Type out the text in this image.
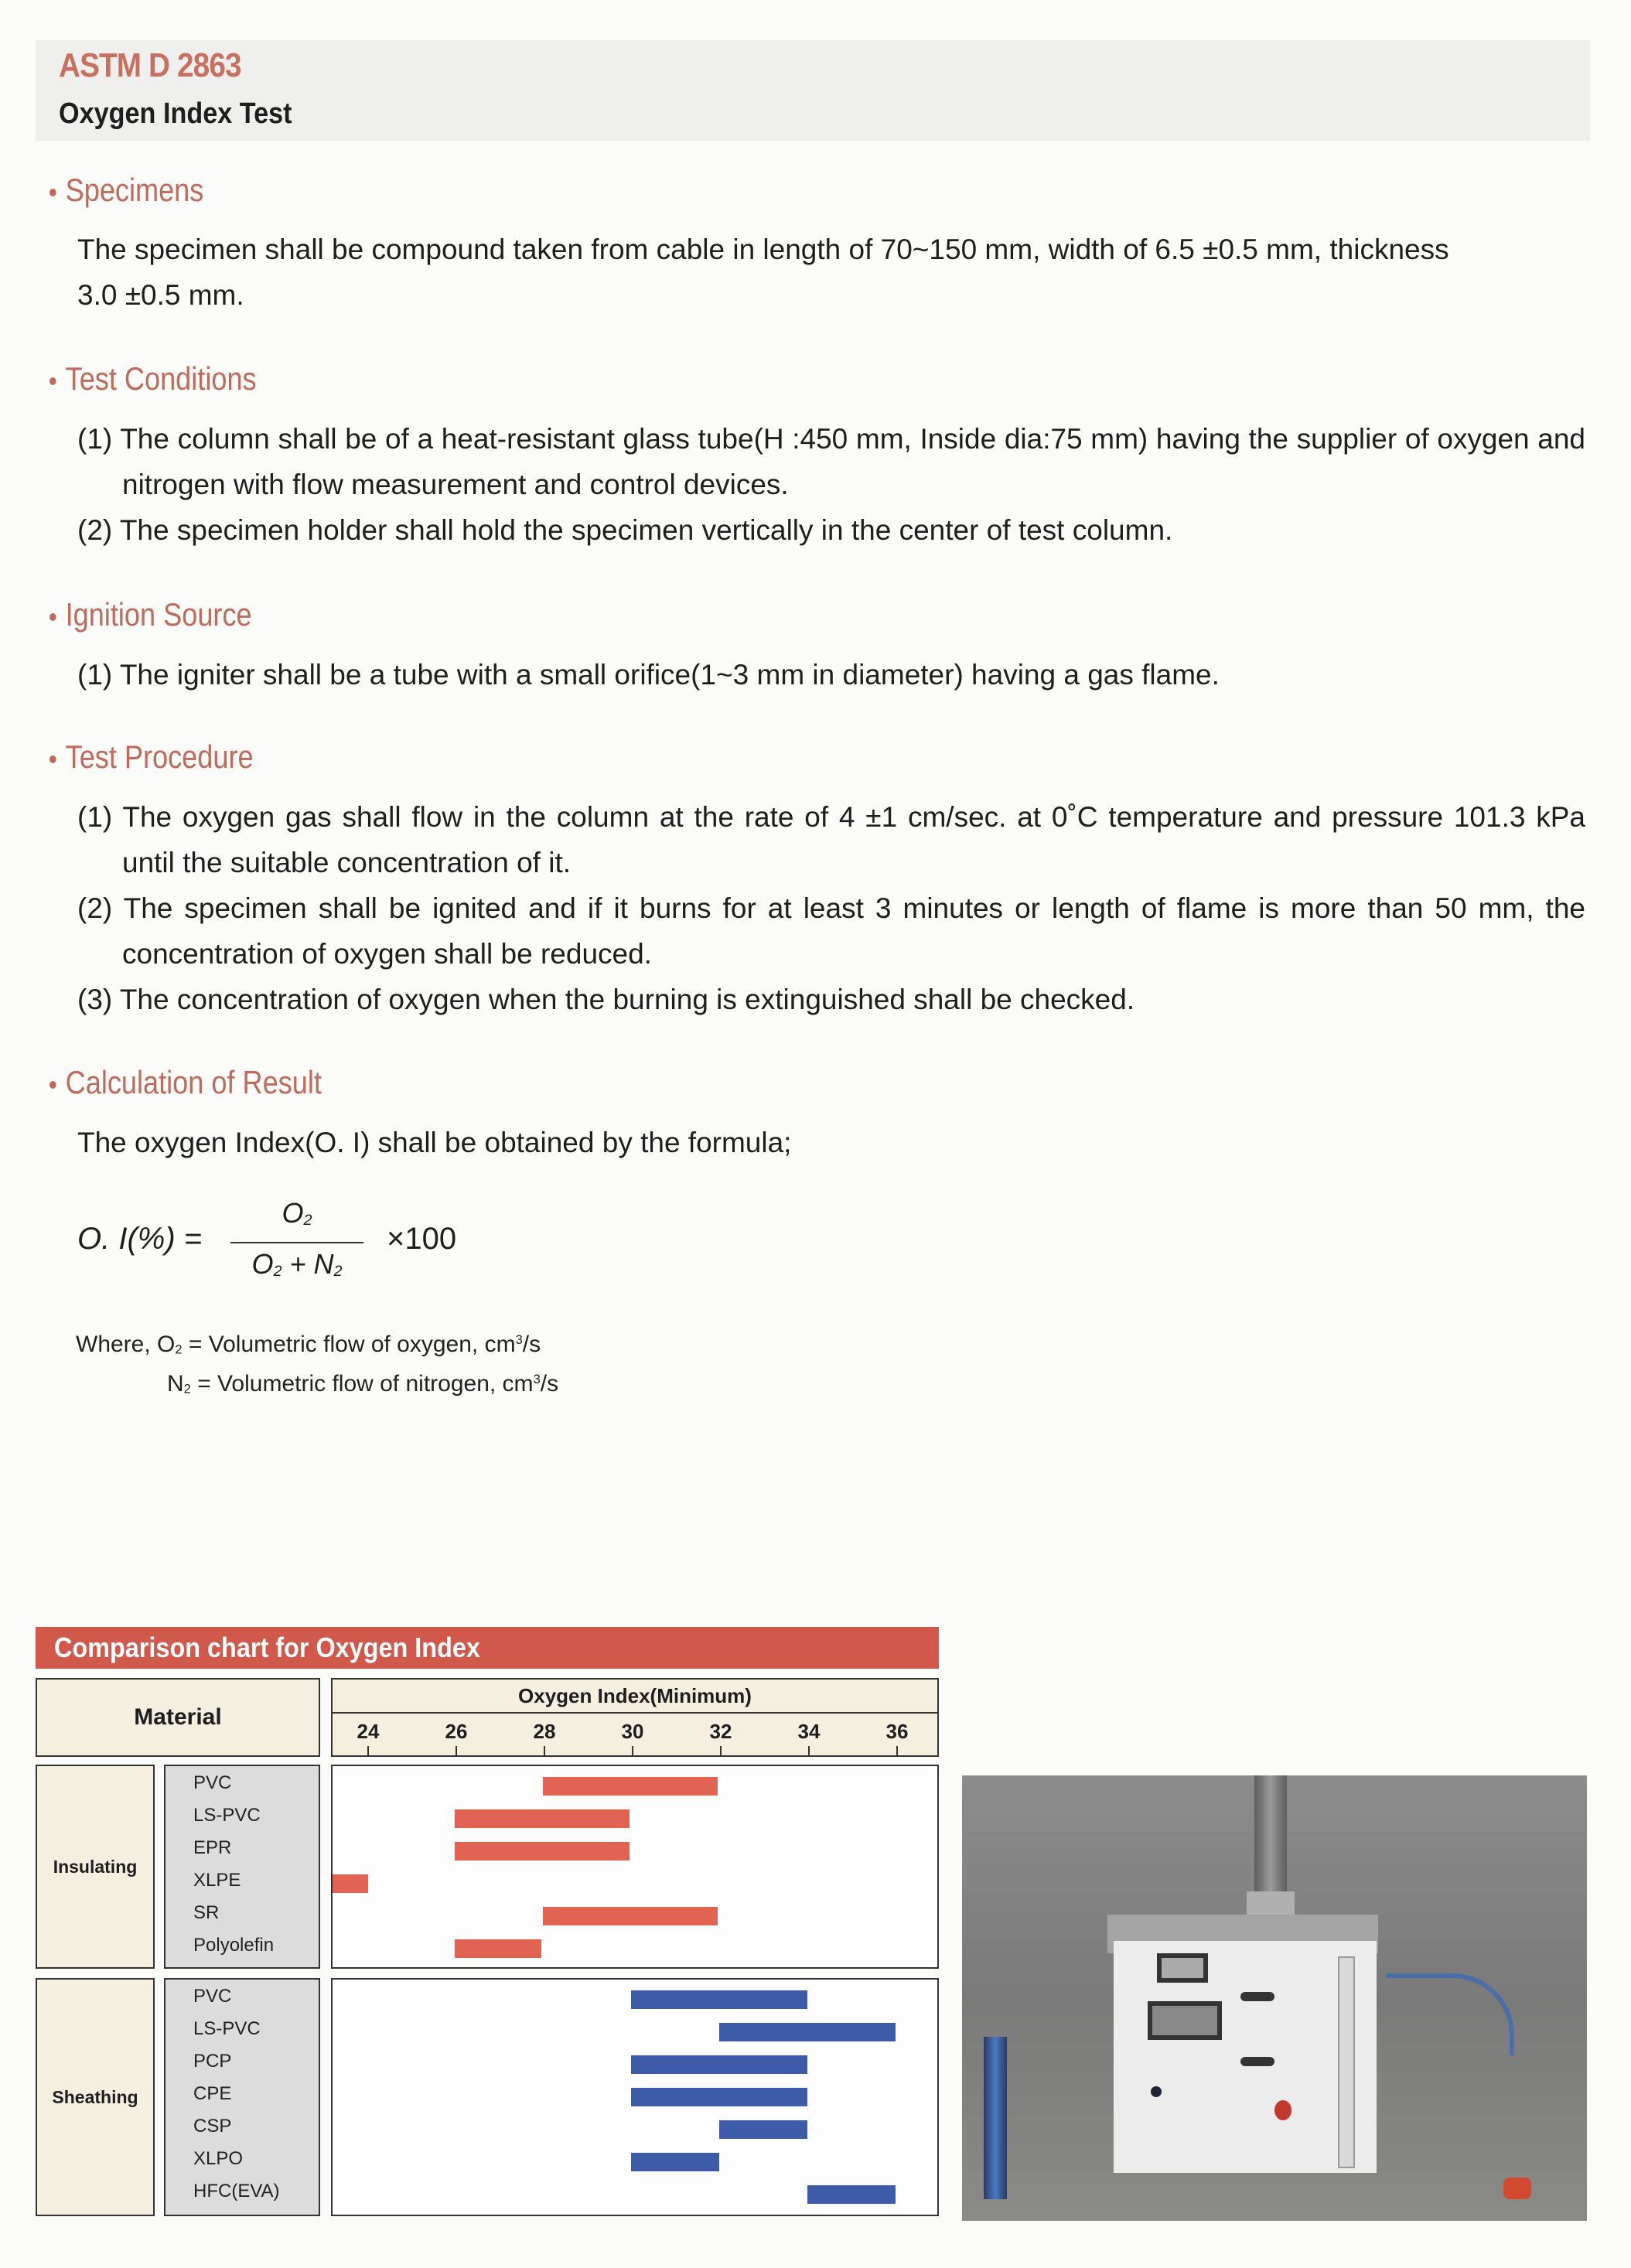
ASTM D 2863
Oxygen Index Test
Specimens
The specimen shall be compound taken from cable in length of 70~150 mm, width of 6.5 ±0.5 mm, thickness
3.0 ±0.5 mm.
Test Conditions
(1) The column shall be of a heat-resistant glass tube(H :450 mm, Inside dia:75 mm) having the supplier of oxygen and nitrogen with flow measurement and control devices.
(2) The specimen holder shall hold the specimen vertically in the center of test column.
Ignition Source
(1) The igniter shall be a tube with a small orifice(1~3 mm in diameter) having a gas flame.
Test Procedure
(1) The oxygen gas shall flow in the column at the rate of 4 ±1 cm/sec. at 0˚C temperature and pressure 101.3 kPa until the suitable concentration of it.
(2) The specimen shall be ignited and if it burns for at least 3 minutes or length of flame is more than 50 mm, the concentration of oxygen shall be reduced.
(3) The concentration of oxygen when the burning is extinguished shall be checked.
Calculation of Result
The oxygen Index(O. I) shall be obtained by the formula;
O. I(%) =
$O_2$
$O_2 + N_2$
×100
Where, $O_2$ = Volumetric flow of oxygen, $cm^3/s$
$N_2$ = Volumetric flow of nitrogen, $cm^3/s$
Comparison chart for Oxygen Index
Material
Oxygen Index(Minimum)
24	26	28	30	32	34	36
Insulating
PVC
LS-PVC
EPR
XLPE
SR
Polyolefin
Sheathing
PVC
LS-PVC
PCP
CPE
CSP
XLPO
HFC(EVA)
